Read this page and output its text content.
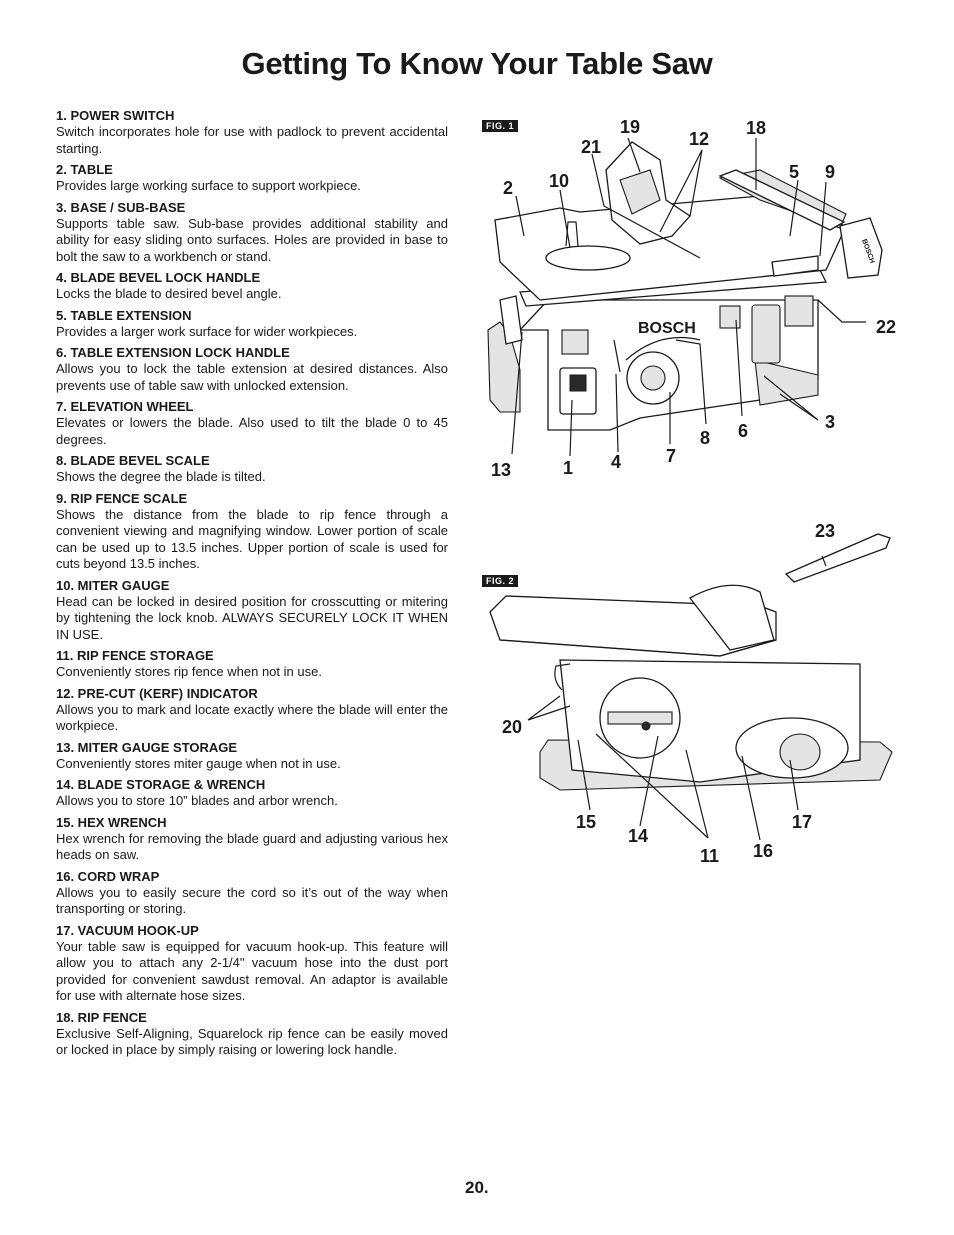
Getting To Know Your Table Saw
1. POWER SWITCH

Switch incorporates hole for use with padlock to prevent accidental starting.

2. TABLE

Provides large working surface to support workpiece.

3. BASE / SUB-BASE

Supports table saw. Sub-base provides additional stability and ability for easy sliding onto surfaces. Holes are provided in base to bolt the saw to a workbench or stand.

4. BLADE BEVEL LOCK HANDLE

Locks the blade to desired bevel angle.

5. TABLE EXTENSION

Provides a larger work surface for wider workpieces.

6. TABLE EXTENSION LOCK HANDLE

Allows you to lock the table extension at desired distances. Also prevents use of table saw with unlocked extension.

7. ELEVATION WHEEL

Elevates or lowers the blade. Also used to tilt the blade 0 to 45 degrees.

8. BLADE BEVEL SCALE

Shows the degree the blade is tilted.

9. RIP FENCE SCALE

Shows the distance from the blade to rip fence through a convenient viewing and magnifying window. Lower portion of scale can be used up to 13.5 inches. Upper portion of scale is used for cuts beyond 13.5 inches.

10. MITER GAUGE

Head can be locked in desired position for crosscutting or mitering by tightening the lock knob. ALWAYS SECURELY LOCK IT WHEN IN USE.

11. RIP FENCE STORAGE

Conveniently stores rip fence when not in use.

12. PRE-CUT (KERF) INDICATOR

Allows you to mark and locate exactly where the blade will enter the workpiece.

13. MITER GAUGE STORAGE

Conveniently stores miter gauge when not in use.

14. BLADE STORAGE & WRENCH

Allows you to store 10” blades and arbor wrench.

15. HEX WRENCH

Hex wrench for removing the blade guard and adjusting various hex heads on saw.

16. CORD WRAP

Allows you to easily secure the cord so it’s out of the way when transporting or storing.

17. VACUUM HOOK-UP

Your table saw is equipped for vacuum hook-up. This feature will allow you to attach any 2-1/4" vacuum hose into the dust port provided for convenient sawdust removal. An adaptor is available for use with alternate hose sizes.

18. RIP FENCE

Exclusive Self-Aligning, Squarelock rip fence can be easily moved or locked in place by simply raising or lowering lock handle.

FIG. 1
BOSCH
BOSCH
19
21	12
18
2 10	5 9
22
3
6
8
7
4
1
13
FIG. 2
23
20
15
14
11 16
17
20.
